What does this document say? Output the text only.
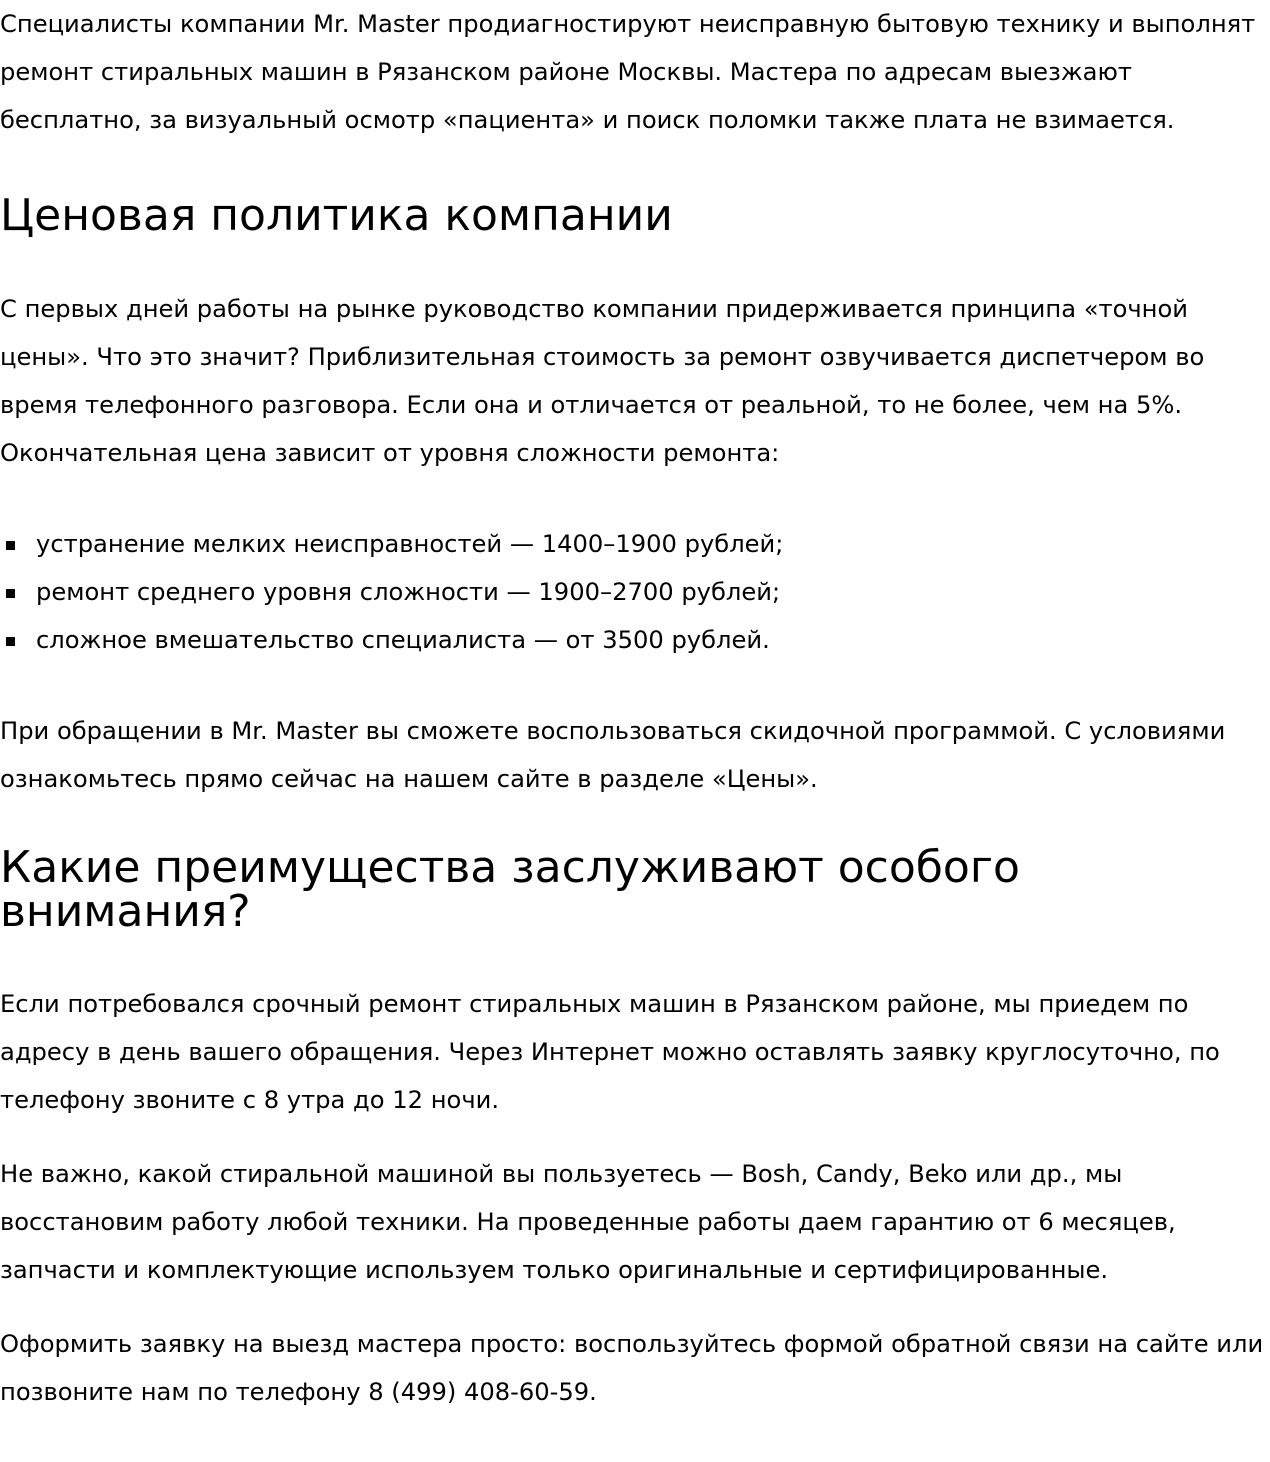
Специалисты компании Mr. Master продиагностируют неисправную бытовую технику и выполнят ремонт стиральных машин в Рязанском районе Москвы. Мастера по адресам выезжают бесплатно, за визуальный осмотр «пациента» и поиск поломки также плата не взимается.

Ценовая политика компании

С первых дней работы на рынке руководство компании придерживается принципа «точной цены». Что это значит? Приблизительная стоимость за ремонт озвучивается диспетчером во время телефонного разговора. Если она и отличается от реальной, то не более, чем на 5%. Окончательная цена зависит от уровня сложности ремонта:

устранение мелких неисправностей — 1400–1900 рублей;
ремонт среднего уровня сложности — 1900–2700 рублей;
сложное вмешательство специалиста — от 3500 рублей.

При обращении в Mr. Master вы сможете воспользоваться скидочной программой. С условиями ознакомьтесь прямо сейчас на нашем сайте в разделе «Цены».

Какие преимущества заслуживают особого внимания?

Если потребовался срочный ремонт стиральных машин в Рязанском районе, мы приедем по адресу в день вашего обращения. Через Интернет можно оставлять заявку круглосуточно, по телефону звоните с 8 утра до 12 ночи.

Не важно, какой стиральной машиной вы пользуетесь — Bosh, Candy, Beko или др., мы восстановим работу любой техники. На проведенные работы даем гарантию от 6 месяцев, запчасти и комплектующие используем только оригинальные и сертифицированные.

Оформить заявку на выезд мастера просто: воспользуйтесь формой обратной связи на сайте или позвоните нам по телефону 8 (499) 408-60-59.
